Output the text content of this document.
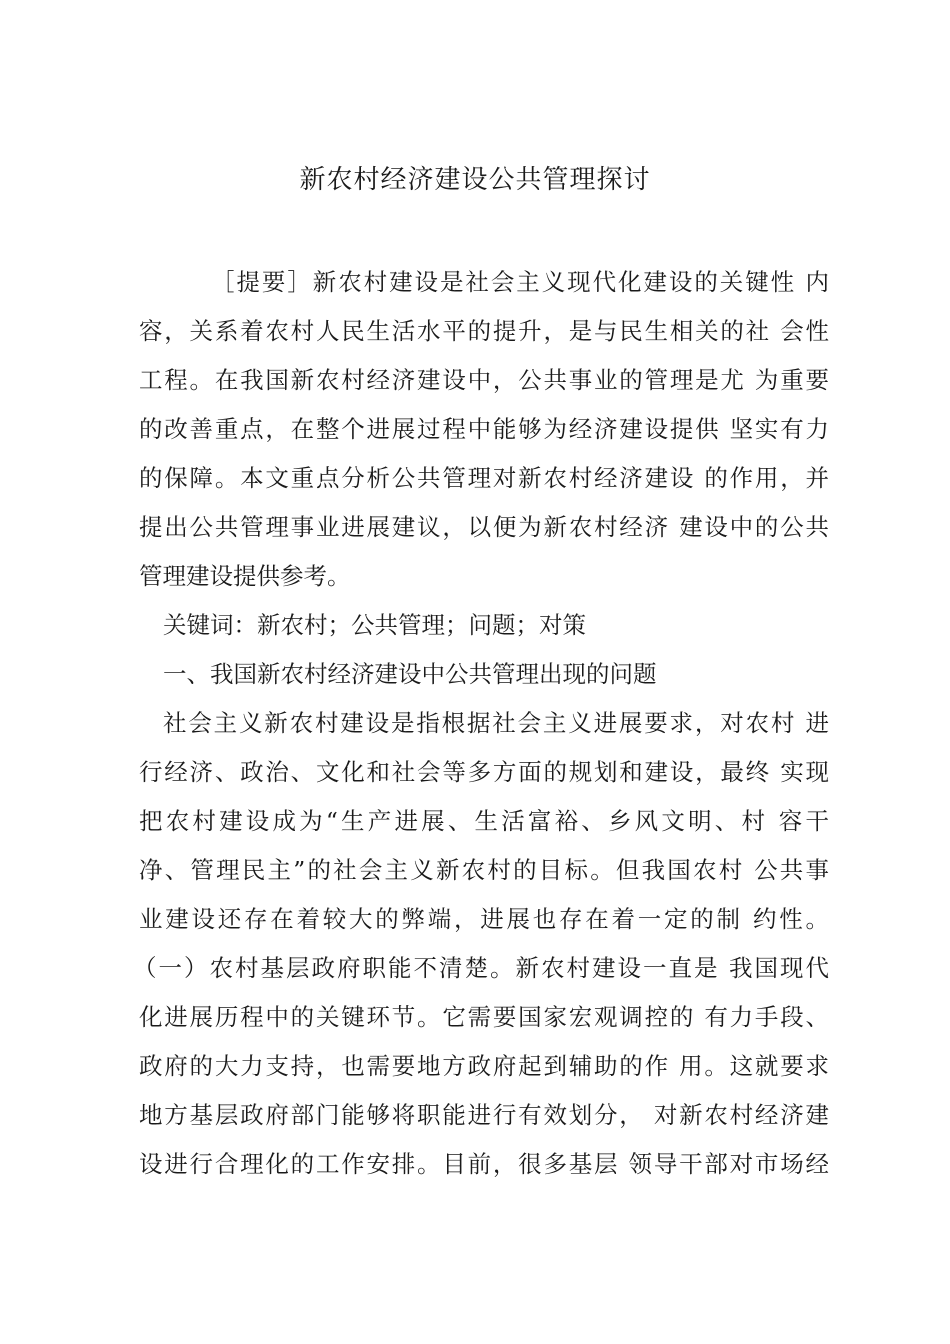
新农村经济建设公共管理探讨
［提要］新农村建设是社会主义现代化建设的关键性 内
容，关系着农村人民生活水平的提升，是与民生相关的社 会性
工程。在我国新农村经济建设中，公共事业的管理是尤 为重要
的改善重点，在整个进展过程中能够为经济建设提供 坚实有力
的保障。本文重点分析公共管理对新农村经济建设 的作用，并
提出公共管理事业进展建议，以便为新农村经济 建设中的公共
管理建设提供参考。
关键词：新农村；公共管理；问题；对策
一、我国新农村经济建设中公共管理出现的问题
社会主义新农村建设是指根据社会主义进展要求，对农村 进
行经济、政治、文化和社会等多方面的规划和建设，最终 实现
把农村建设成为“生产进展、生活富裕、乡风文明、村 容干
净、管理民主”的社会主义新农村的目标。但我国农村 公共事
业建设还存在着较大的弊端，进展也存在着一定的制 约性。
（一）农村基层政府职能不清楚。新农村建设一直是 我国现代
化进展历程中的关键环节。它需要国家宏观调控的 有力手段、
政府的大力支持，也需要地方政府起到辅助的作 用。这就要求
地方基层政府部门能够将职能进行有效划分， 对新农村经济建
设进行合理化的工作安排。目前，很多基层 领导干部对市场经
